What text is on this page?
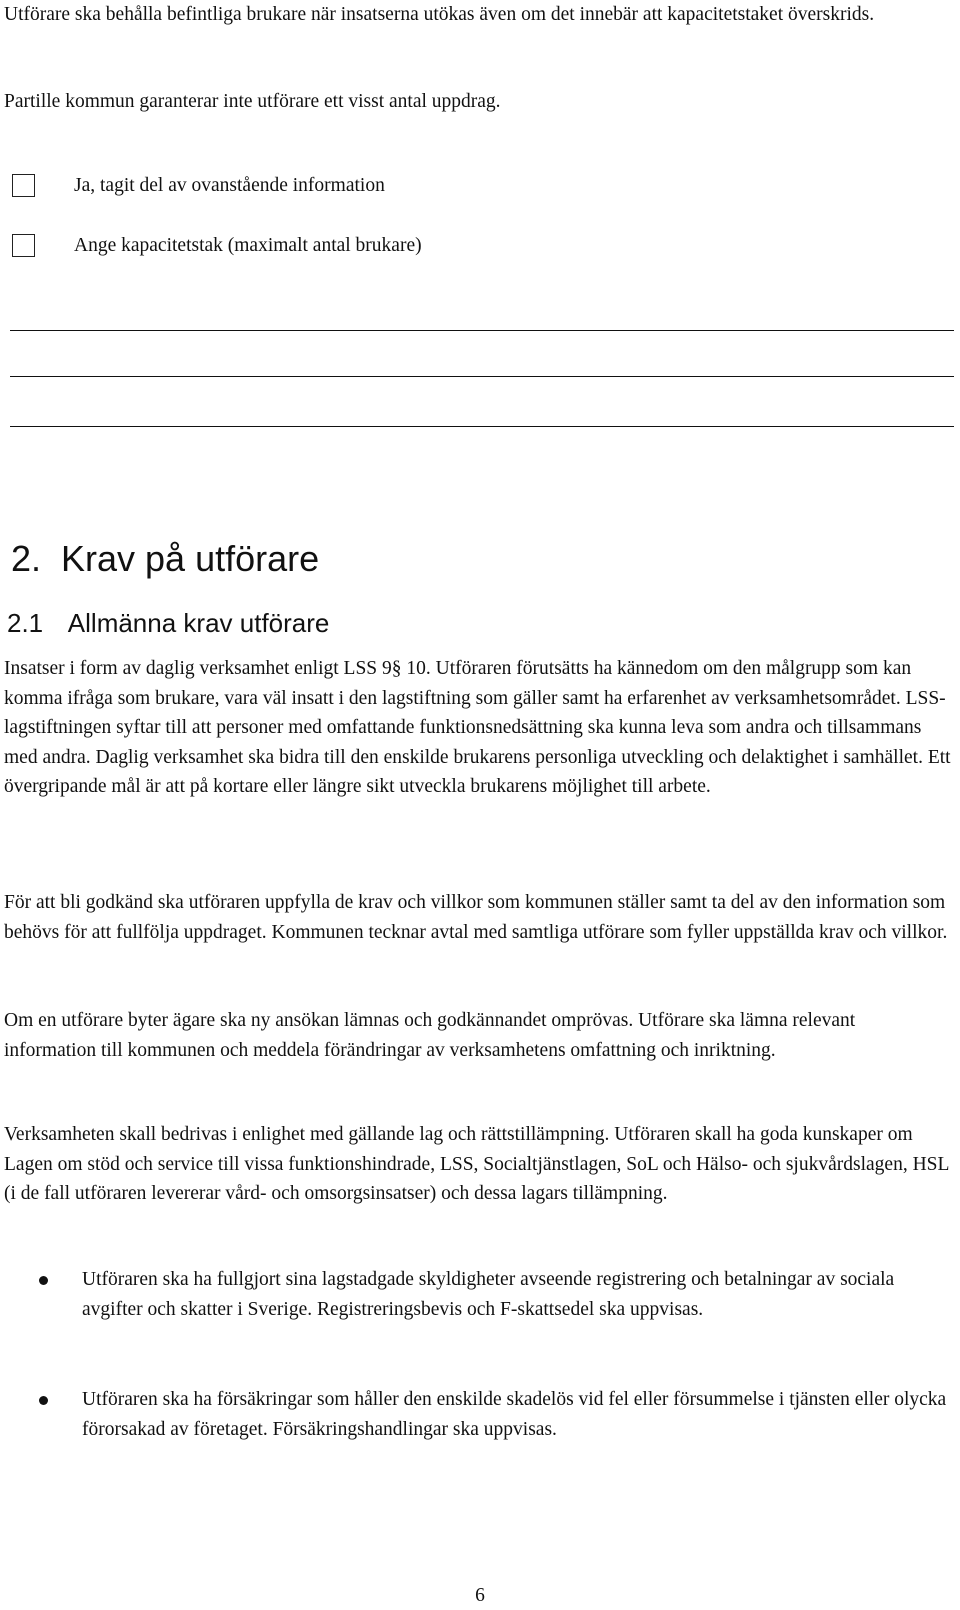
Utförare ska behålla befintliga brukare när insatserna utökas även om det innebär att kapacitetstaket överskrids.

Partille kommun garanterar inte utförare ett visst antal uppdrag.

Ja, tagit del av ovanstående information
Ange kapacitetstak (maximalt antal brukare)
2. Krav på utförare
2.1 Allmänna krav utförare

Insatser i form av daglig verksamhet enligt LSS 9§ 10. Utföraren förutsätts ha kännedom om den målgrupp som kan komma ifråga som brukare, vara väl insatt i den lagstiftning som gäller samt ha erfarenhet av verksamhetsområdet. LSS-lagstiftningen syftar till att personer med omfattande funktionsnedsättning ska kunna leva som andra och tillsammans med andra. Daglig verksamhet ska bidra till den enskilde brukarens personliga utveckling och delaktighet i samhället. Ett övergripande mål är att på kortare eller längre sikt utveckla brukarens möjlighet till arbete.

För att bli godkänd ska utföraren uppfylla de krav och villkor som kommunen ställer samt ta del av den information som behövs för att fullfölja uppdraget. Kommunen tecknar avtal med samtliga utförare som fyller uppställda krav och villkor.

Om en utförare byter ägare ska ny ansökan lämnas och godkännandet omprövas. Utförare ska lämna relevant information till kommunen och meddela förändringar av verksamhetens omfattning och inriktning.

Verksamheten skall bedrivas i enlighet med gällande lag och rättstillämpning. Utföraren skall ha goda kunskaper om Lagen om stöd och service till vissa funktionshindrade, LSS, Socialtjänstlagen, SoL och Hälso- och sjukvårdslagen, HSL (i de fall utföraren levererar vård- och omsorgsinsatser) och dessa lagars tillämpning.

Utföraren ska ha fullgjort sina lagstadgade skyldigheter avseende registrering och betalningar av sociala avgifter och skatter i Sverige. Registreringsbevis och F-skattsedel ska uppvisas.

Utföraren ska ha försäkringar som håller den enskilde skadelös vid fel eller försummelse i tjänsten eller olycka förorsakad av företaget. Försäkringshandlingar ska uppvisas.

6
